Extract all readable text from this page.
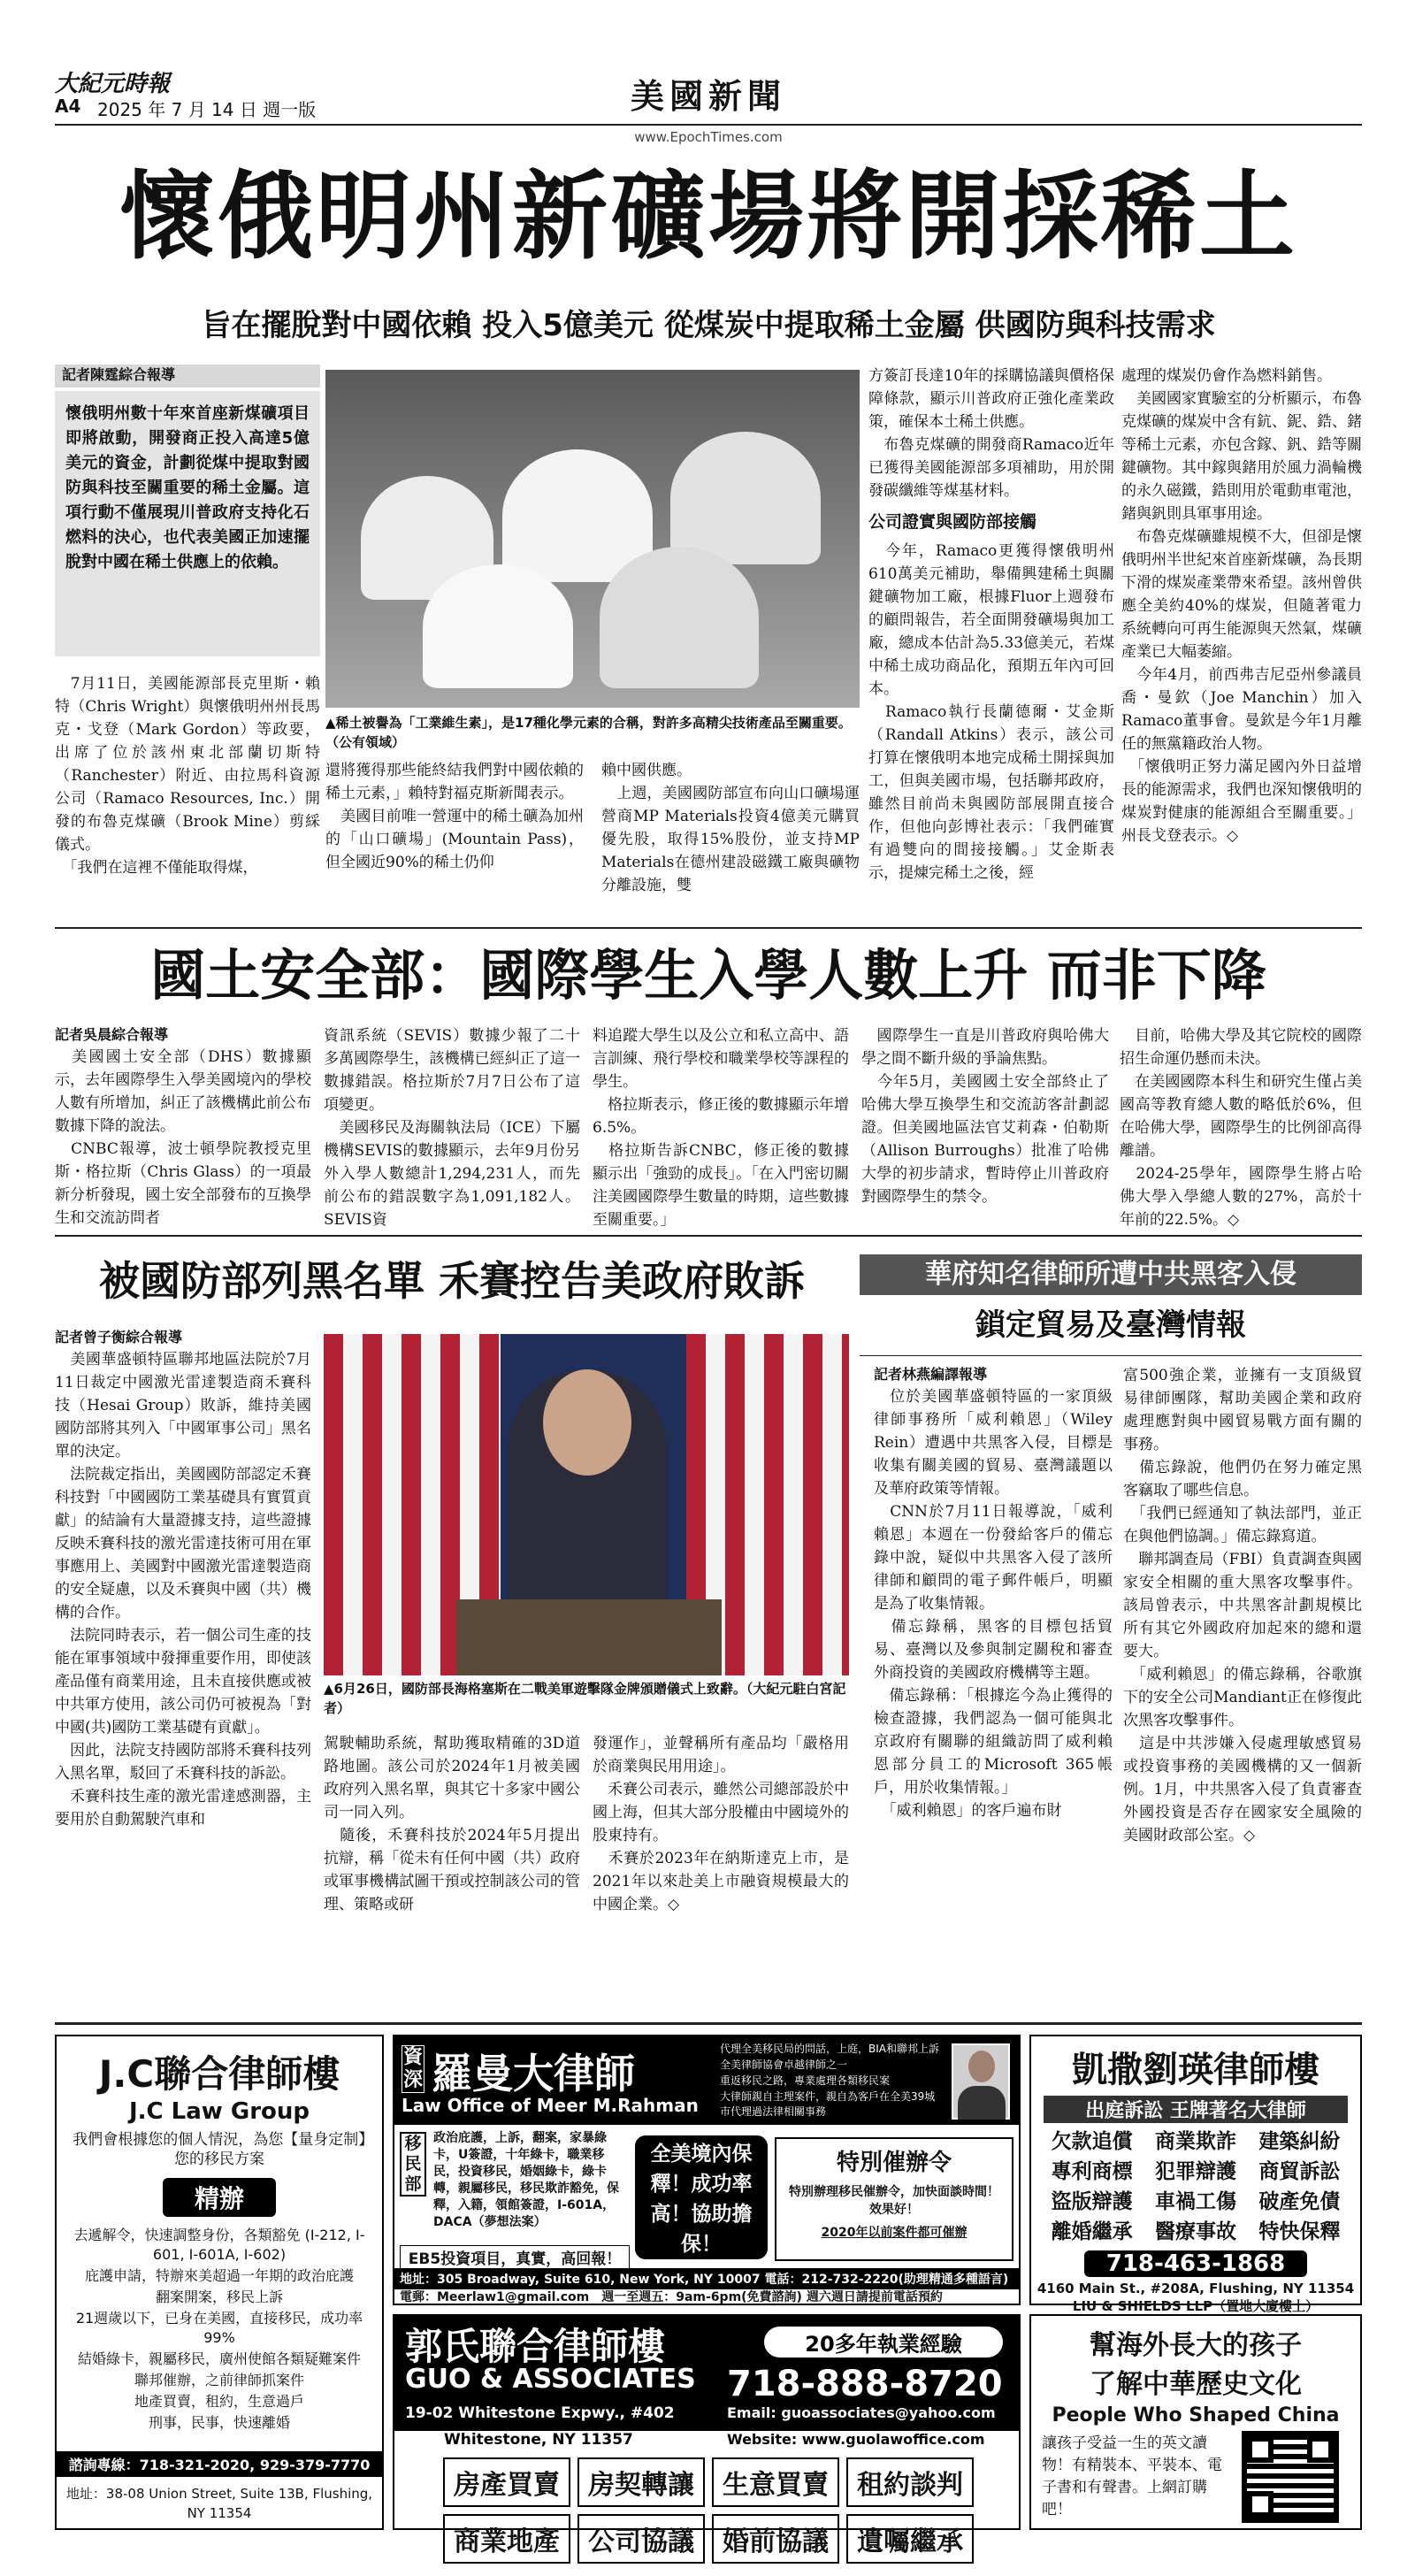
大紀元時報
A4 2025 年 7 月 14 日 週一版	美國新聞
www.EpochTimes.com
懷俄明州新礦場將開採稀土
旨在擺脫對中國依賴 投入5億美元 從煤炭中提取稀土金屬 供國防與科技需求
記者陳霆綜合報導
懷俄明州數十年來首座新煤礦項目即將啟動，開發商正投入高達5億美元的資金，計劃從煤中提取對國防與科技至關重要的稀土金屬。這項行動不僅展現川普政府支持化石燃料的決心，也代表美國正加速擺脫對中國在稀土供應上的依賴。
　7月11日，美國能源部長克里斯・賴特（Chris Wright）與懷俄明州州長馬克・戈登（Mark Gordon）等政要，出席了位於該州東北部蘭切斯特（Ranchester）附近、由拉馬科資源公司（Ramaco Resources, Inc.）開發的布魯克煤礦（Brook Mine）剪綵儀式。
　「我們在這裡不僅能取得煤，
▲稀土被譽為「工業維生素」，是17種化學元素的合稱，對許多高精尖技術產品至關重要。（公有領域）
還將獲得那些能終結我們對中國依賴的稀土元素，」賴特對福克斯新聞表示。
　美國目前唯一營運中的稀土礦為加州的「山口礦場」(Mountain Pass)，但全國近90%的稀土仍仰
賴中國供應。
　上週，美國國防部宣布向山口礦場運營商MP Materials投資4億美元購買優先股，取得15%股份，並支持MP Materials在德州建設磁鐵工廠與礦物分離設施，雙
方簽訂長達10年的採購協議與價格保障條款，顯示川普政府正強化產業政策，確保本土稀土供應。
　布魯克煤礦的開發商Ramaco近年已獲得美國能源部多項補助，用於開發碳纖維等煤基材料。
公司證實與國防部接觸
　今年，Ramaco更獲得懷俄明州610萬美元補助，舉備興建稀土與關鍵礦物加工廠，根據Fluor上週發布的顧問報告，若全面開發礦場與加工廠，總成本估計為5.33億美元，若煤中稀土成功商品化，預期五年內可回本。
　Ramaco執行長蘭德爾・艾金斯（Randall Atkins）表示，該公司打算在懷俄明本地完成稀土開採與加工，但與美國市場，包括聯邦政府，雖然目前尚未與國防部展開直接合作，但他向彭博社表示：「我們確實有過雙向的間接接觸。」艾金斯表示，提煉完稀土之後，經
處理的煤炭仍會作為燃料銷售。
　美國國家實驗室的分析顯示，布魯克煤礦的煤炭中含有鈧、鈮、鋯、鍺等稀土元素，亦包含鎵、釩、鋯等關鍵礦物。其中鎵與鍺用於風力渦輪機的永久磁鐵，鋯則用於電動車電池，鍺與釩則具軍事用途。
　布魯克煤礦雖規模不大，但卻是懷俄明州半世紀來首座新煤礦，為長期下滑的煤炭產業帶來希望。該州曾供應全美約40%的煤炭，但隨著電力系統轉向可再生能源與天然氣，煤礦產業已大幅萎縮。
　今年4月，前西弗吉尼亞州參議員喬・曼欽（Joe Manchin）加入Ramaco董事會。曼欽是今年1月離任的無黨籍政治人物。
　「懷俄明正努力滿足國內外日益增長的能源需求，我們也深知懷俄明的煤炭對健康的能源組合至關重要。」州長戈登表示。◇
國土安全部：國際學生入學人數上升 而非下降
記者吳晨綜合報導
　美國國土安全部（DHS）數據顯示，去年國際學生入學美國境內的學校人數有所增加，糾正了該機構此前公布數據下降的說法。
　CNBC報導，波士頓學院教授克里斯・格拉斯（Chris Glass）的一項最新分析發現，國土安全部發布的互換學生和交流訪問者
資訊系統（SEVIS）數據少報了二十多萬國際學生，該機構已經糾正了這一數據錯誤。格拉斯於7月7日公布了這項變更。
　美國移民及海關執法局（ICE）下屬機構SEVIS的數據顯示，去年9月份另外入學人數總計1,294,231人，而先前公布的錯誤數字為1,091,182人。SEVIS資
料追蹤大學生以及公立和私立高中、語言訓練、飛行學校和職業學校等課程的學生。
　格拉斯表示，修正後的數據顯示年增6.5%。
　格拉斯告訴CNBC，修正後的數據顯示出「強勁的成長」。「在入門密切關注美國國際學生數量的時期，這些數據至關重要。」
　國際學生一直是川普政府與哈佛大學之間不斷升級的爭論焦點。
　今年5月，美國國土安全部終止了哈佛大學互換學生和交流訪客計劃認證。但美國地區法官艾莉森・伯勒斯（Allison Burroughs）批准了哈佛大學的初步請求，暫時停止川普政府對國際學生的禁令。
　目前，哈佛大學及其它院校的國際招生命運仍懸而未決。
　在美國國際本科生和研究生僅占美國高等教育總人數的略低於6%，但在哈佛大學，國際學生的比例卻高得離譜。
　2024-25學年，國際學生將占哈佛大學入學總人數的27%，高於十年前的22.5%。◇
被國防部列黑名單 禾賽控告美政府敗訴
記者曾子衡綜合報導
　美國華盛頓特區聯邦地區法院於7月11日裁定中國激光雷達製造商禾賽科技（Hesai Group）敗訴，維持美國國防部將其列入「中國軍事公司」黑名單的決定。
　法院裁定指出，美國國防部認定禾賽科技對「中國國防工業基礎具有實質貢獻」的結論有大量證據支持，這些證據反映禾賽科技的激光雷達技術可用在軍事應用上、美國對中國激光雷達製造商的安全疑慮，以及禾賽與中國（共）機構的合作。
　法院同時表示，若一個公司生產的技能在軍事領域中發揮重要作用，即使該產品僅有商業用途，且未直接供應或被中共軍方使用，該公司仍可被視為「對中國(共)國防工業基礎有貢獻」。
　因此，法院支持國防部將禾賽科技列入黑名單，駁回了禾賽科技的訴訟。
　禾賽科技生產的激光雷達感測器，主要用於自動駕駛汽車和
▲6月26日，國防部長海格塞斯在二戰美軍遊擊隊金牌頒贈儀式上致辭。（大紀元駐白宮記者）
駕駛輔助系統，幫助獲取精確的3D道路地圖。該公司於2024年1月被美國政府列入黑名單，與其它十多家中國公司一同入列。
　隨後，禾賽科技於2024年5月提出抗辯，稱「從未有任何中國（共）政府或軍事機構試圖干預或控制該公司的管理、策略或研
發運作」，並聲稱所有產品均「嚴格用於商業與民用用途」。
　禾賽公司表示，雖然公司總部設於中國上海，但其大部分股權由中國境外的股東持有。
　禾賽於2023年在納斯達克上市，是2021年以來赴美上市融資規模最大的中國企業。◇
華府知名律師所遭中共黑客入侵
鎖定貿易及臺灣情報
記者林燕編譯報導
　位於美國華盛頓特區的一家頂級律師事務所「威利賴恩」（Wiley Rein）遭遇中共黑客入侵，目標是收集有關美國的貿易、臺灣議題以及華府政策等情報。
　CNN於7月11日報導說，「威利賴恩」本週在一份發給客戶的備忘錄中說，疑似中共黑客入侵了該所律師和顧問的電子郵件帳戶，明顯是為了收集情報。
　備忘錄稱，黑客的目標包括貿易、臺灣以及參與制定關稅和審查外商投資的美國政府機構等主題。
　備忘錄稱：「根據迄今為止獲得的檢查證據，我們認為一個可能與北京政府有關聯的組織訪問了威利賴恩部分員工的Microsoft 365帳戶，用於收集情報。」
　「威利賴恩」的客戶遍布財
富500強企業，並擁有一支頂級貿易律師團隊，幫助美國企業和政府處理應對與中國貿易戰方面有關的事務。
　備忘錄說，他們仍在努力確定黑客竊取了哪些信息。
　「我們已經通知了執法部門，並正在與他們協調。」備忘錄寫道。
　聯邦調查局（FBI）負責調查與國家安全相關的重大黑客攻擊事件。該局曾表示，中共黑客計劃規模比所有其它外國政府加起來的總和還要大。
　「威利賴恩」的備忘錄稱，谷歌旗下的安全公司Mandiant正在修復此次黑客攻擊事件。
　這是中共涉嫌入侵處理敏感貿易或投資事務的美國機構的又一個新例。1月，中共黑客入侵了負責審查外國投資是否存在國家安全風險的美國財政部公室。◇
J.C聯合律師樓
J.C Law Group
我們會根據您的個人情況，為您【量身定制】您的移民方案
精辦
去遞解令，快速調整身份，各類豁免 (I-212, I-601, I-601A, I-602)
庇護申請，特辦來美超過一年期的政治庇護
翻案開案，移民上訴
21週歲以下，已身在美國，直接移民，成功率 99%
結婚綠卡，親屬移民，廣州使館各類疑難案件
聯邦催辦，之前律師抓案件
地產買賣，租約，生意過戶
刑事，民事，快速離婚
諮詢專線：718-321-2020, 929-379-7770
地址：38-08 Union Street, Suite 13B, Flushing, NY 11354
資深 羅曼大律師
Law Office of Meer M.Rahman
代理全美移民局的問話，上庭，BIA和聯邦上訴
全美律師協會卓越律師之一
重返移民之路，專業處理各類移民案
大律師親自主理案件，親自為客戶在全美39城市代理過法律相關事務
移民部
政治庇護，上訴，翻案，家暴綠卡，U簽證，十年綠卡，職業移民，投資移民，婚姻綠卡，綠卡轉，親屬移民，移民欺詐豁免，保釋，入籍，領館簽證，I-601A，DACA（夢想法案）
全美境內保釋！成功率高！協助擔保！
特別催辦令
特別辦理移民催辦令，加快面談時間！效果好！
2020年以前案件都可催辦
EB5投資項目，真實，高回報！
地址：305 Broadway, Suite 610, New York, NY 10007 電話：212-732-2220(助理精通多種語言)
電郵：Meerlaw1@gmail.com　週一至週五：9am-6pm(免費諮詢) 週六週日請提前電話預約
凱撒劉瑛律師樓
出庭訴訟 王牌著名大律師
欠款追償	商業欺詐	建築糾紛
專利商標	犯罪辯護	商貿訴訟
盜版辯護	車禍工傷	破產免債
離婚繼承	醫療事故	特快保釋
718-463-1868
4160 Main St., #208A, Flushing, NY 11354
LIU & SHIELDS LLP（置地大廈樓上）
郭氏聯合律師樓
GUO & ASSOCIATES
20多年執業經驗
718-888-8720
19-02 Whitestone Expwy., #402	Email: guoassociates@yahoo.com
Whitestone, NY 11357	Website: www.guolawoffice.com
房產買賣 房契轉讓 生意買賣 租約談判 商業地產 公司協議 婚前協議 遺囑繼承
幫海外長大的孩子
了解中華歷史文化
People Who Shaped China
讓孩子受益一生的英文讀物！有精裝本、平裝本、電子書和有聲書。上網訂購吧！
